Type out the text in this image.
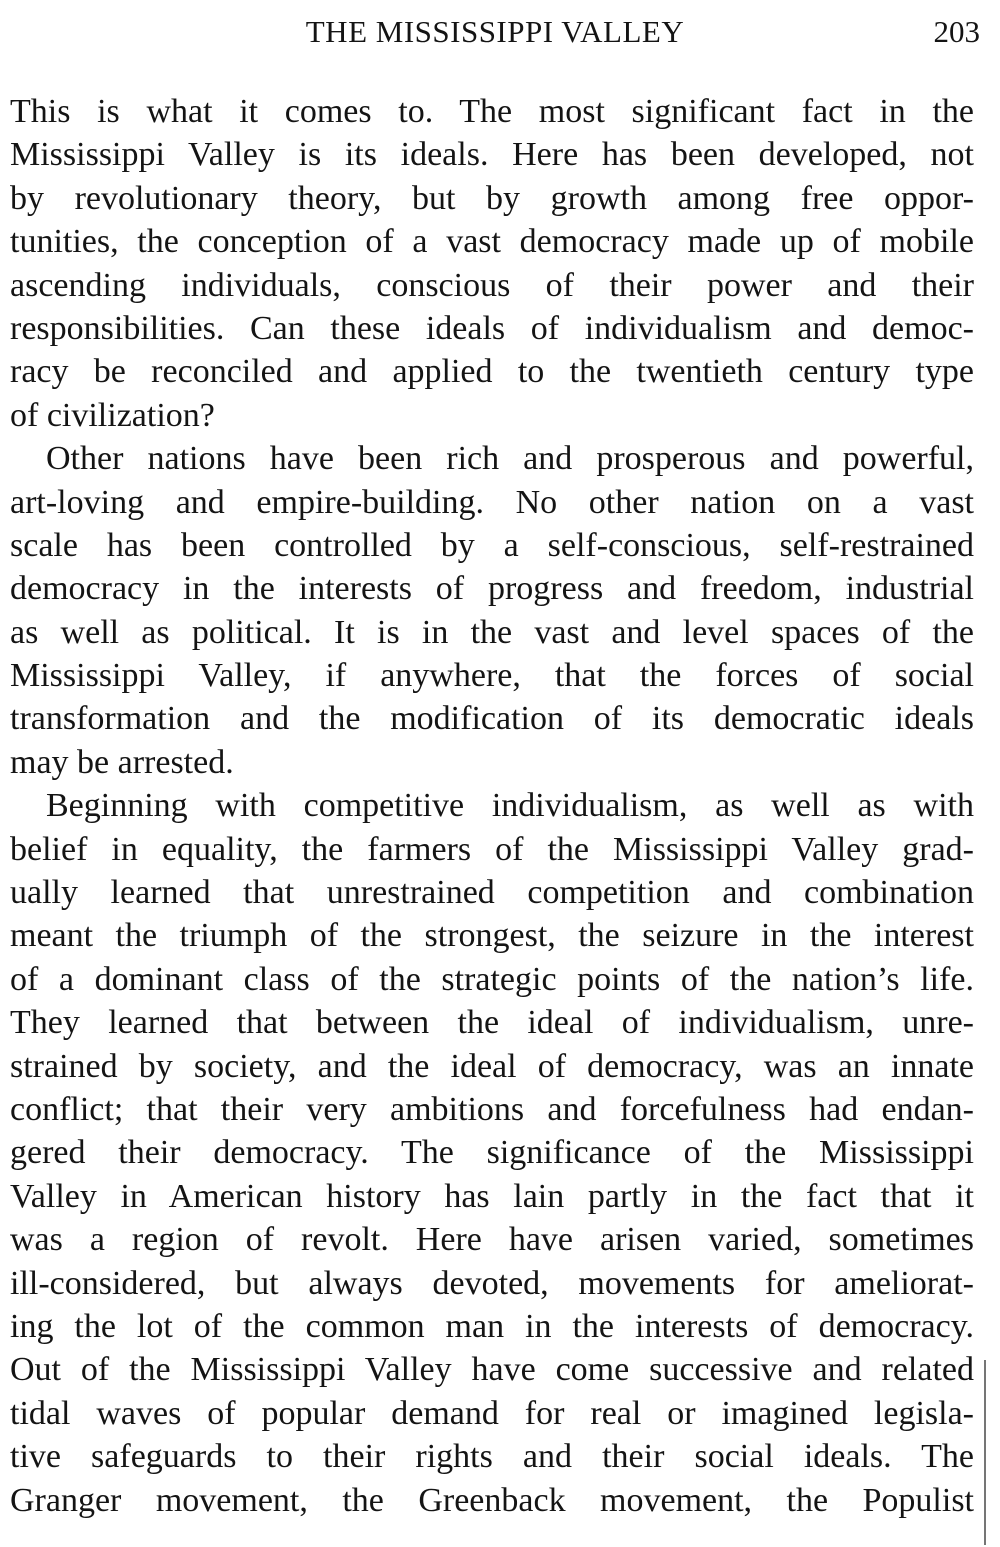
THE MISSISSIPPI VALLEY	203
This is what it comes to. The most significant fact in the
Mississippi Valley is its ideals. Here has been developed, not
by revolutionary theory, but by growth among free oppor-
tunities, the conception of a vast democracy made up of mobile
ascending individuals, conscious of their power and their
responsibilities. Can these ideals of individualism and democ-
racy be reconciled and applied to the twentieth century type
of civilization?
Other nations have been rich and prosperous and powerful,
art-loving and empire-building. No other nation on a vast
scale has been controlled by a self-conscious, self-restrained
democracy in the interests of progress and freedom, industrial
as well as political. It is in the vast and level spaces of the
Mississippi Valley, if anywhere, that the forces of social
transformation and the modification of its democratic ideals
may be arrested.
Beginning with competitive individualism, as well as with
belief in equality, the farmers of the Mississippi Valley grad-
ually learned that unrestrained competition and combination
meant the triumph of the strongest, the seizure in the interest
of a dominant class of the strategic points of the nation’s life.
They learned that between the ideal of individualism, unre-
strained by society, and the ideal of democracy, was an innate
conflict; that their very ambitions and forcefulness had endan-
gered their democracy. The significance of the Mississippi
Valley in American history has lain partly in the fact that it
was a region of revolt. Here have arisen varied, sometimes
ill-considered, but always devoted, movements for ameliorat-
ing the lot of the common man in the interests of democracy.
Out of the Mississippi Valley have come successive and related
tidal waves of popular demand for real or imagined legisla-
tive safeguards to their rights and their social ideals. The
Granger movement, the Greenback movement, the Populist
